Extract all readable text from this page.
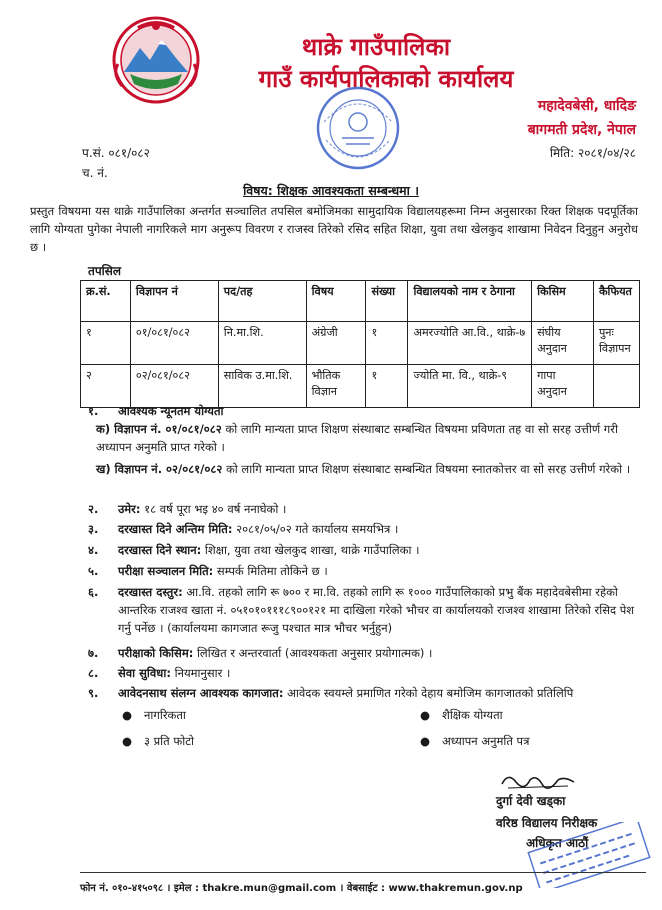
थाक्रे गाउँपालिका
गाउँ कार्यपालिकाको कार्यालय
महादेवबेसी, धादिङ
बागमती प्रदेश, नेपाल
प.सं. ०८१/०८२
च. नं.
मिति: २०८१/०४/२८
विषय: शिक्षक आवश्यकता सम्बन्धमा ।
प्रस्तुत विषयमा यस थाक्रे गाउँपालिका अन्तर्गत सञ्चालित तपसिल बमोजिमका सामुदायिक विद्यालयहरूमा निम्न अनुसारका रिक्त शिक्षक पदपूर्तिका लागि योग्यता पुगेका नेपाली नागरिकले माग अनुरूप विवरण र राजस्व तिरेको रसिद सहित शिक्षा, युवा तथा खेलकुद शाखामा निवेदन दिनुहुन अनुरोध छ ।
तपसिल
क्र.सं.	विज्ञापन नं	पद/तह	विषय	संख्या	विद्यालयको नाम र ठेगाना	किसिम	कैफियत
१	०१/०८१/०८२	नि.मा.शि.	अंग्रेजी	१	अमरज्योति आ.वि., थाक्रे-७	संघीय अनुदान	पुनः विज्ञापन
२	०२/०८१/०८२	साविक उ.मा.शि.	भौतिक विज्ञान	१	ज्योति मा. वि., थाक्रे-९	गापा अनुदान	
१. आवश्यक न्यूनतम योग्यता
क) विज्ञापन नं. ०१/०८१/०८२ को लागि मान्यता प्राप्त शिक्षण संस्थाबाट सम्बन्धित विषयमा प्रविणता तह वा सो सरह उत्तीर्ण गरी अध्यापन अनुमति प्राप्त गरेको ।
ख) विज्ञापन नं. ०२/०८१/०८२ को लागि मान्यता प्राप्त शिक्षण संस्थाबाट सम्बन्धित विषयमा स्नातकोत्तर वा सो सरह उत्तीर्ण गरेको ।
२. उमेर: १८ वर्ष पूरा भइ ४० वर्ष ननाघेको ।
३. दरखास्त दिने अन्तिम मिति: २०८१/०५/०२ गते कार्यालय समयभित्र ।
४. दरखास्त दिने स्थान: शिक्षा, युवा तथा खेलकुद शाखा, थाक्रे गाउँपालिका ।
५. परीक्षा सञ्चालन मिति: सम्पर्क मितिमा तोकिने छ ।
६. दरखास्त दस्तुर: आ.वि. तहको लागि रू ७०० र मा.वि. तहको लागि रू १००० गाउँपालिकाको प्रभु बैंक महादेवबेसीमा रहेको आन्तरिक राजश्व खाता नं. ०५१०१०१११८९००१२१ मा दाखिला गरेको भौचर वा कार्यालयको राजश्व शाखामा तिरेको रसिद पेश गर्नु पर्नेछ । (कार्यालयमा कागजात रूजु पश्चात मात्र भौचर भर्नुहुन)
७. परीक्षाको किसिम: लिखित र अन्तरवार्ता (आवश्यकता अनुसार प्रयोगात्मक) ।
८. सेवा सुविधा: नियमानुसार ।
९. आवेदनसाथ संलग्न आवश्यक कागजात: आवेदक स्वयम्ले प्रमाणित गरेको देहाय बमोजिम कागजातको प्रतिलिपि
● नागरिकता	● शैक्षिक योग्यता
● ३ प्रति फोटो	● अध्यापन अनुमति पत्र
दुर्गा देवी खड्का
वरिष्ठ विद्यालय निरीक्षक
अधिकृत आठौं
फोन नं. ०१०-४१५०९८ । इमेल : thakre.mun@gmail.com । वेबसाईट : www.thakremun.gov.np
